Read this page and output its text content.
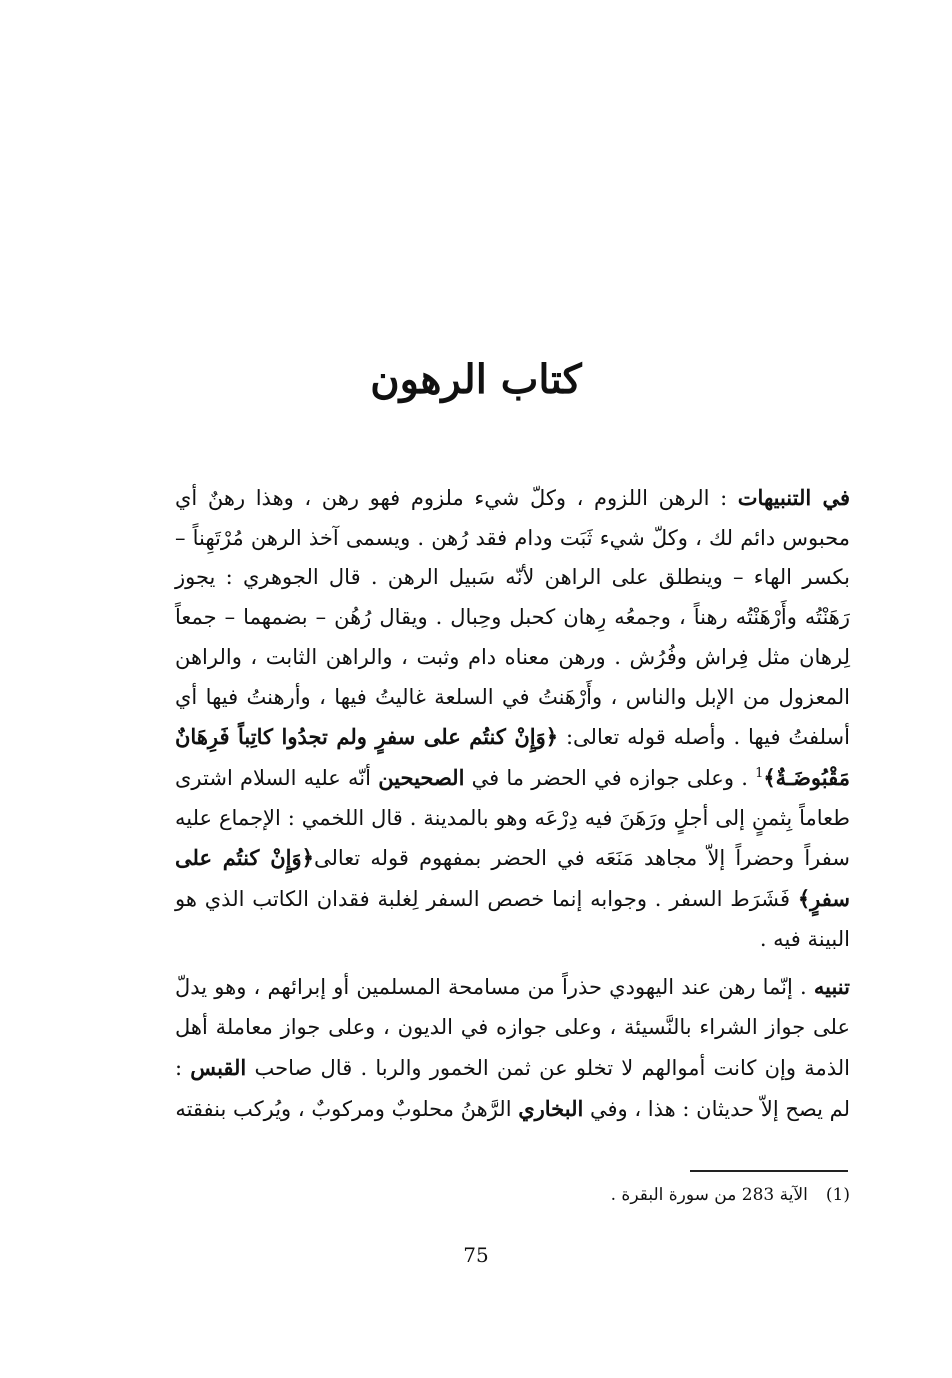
كتاب الرهون

في التنبيهات : الرهن اللزوم ، وكلّ شيء ملزوم فهو رهن ، وهذا رهنٌ أي محبوس دائم لك ، وكلّ شيء ثَبَت ودام فقد رُهن . ويسمى آخذ الرهن مُرْتَهِناً –بكسر الهاء – وينطلق على الراهن لأنّه سَبيل الرهن . قال الجوهري : يجوز رَهَنْتُه وأَرْهَنْتُه رهناً ، وجمعُه رِهان كحبل وحِبال . ويقال رُهُن – بضمهما – جمعاً لِرهان مثل فِراش وفُرُش . ورهن معناه دام وثبت ، والراهن الثابت ، والراهن المعزول من الإبل والناس ، وأَرْهَنتُ في السلعة غاليتُ فيها ، وأرهنتُ فيها أي أسلفتُ فيها . وأصله قوله تعالى: ﴿وَإِنْ كنتُم على سفرٍ ولم تجدُوا كاتِباً فَرِهَانٌ مَقْبُوضَـةٌ﴾$^1$ . وعلى جوازه في الحضر ما في الصحيحين أنّه عليه السلام اشترى طعاماً بِثمنٍ إلى أجلٍ ورَهَنَ فيه دِرْعَه وهو بالمدينة . قال اللخمي : الإجماع عليه سفراً وحضراً إلاّ مجاهد مَنَعَه في الحضر بمفهوم قوله تعالى﴿وَإِنْ كنتُم على سفرٍ﴾ فَشَرَط السفر . وجوابه إنما خصص السفر لِغلبة فقدان الكاتب الذي هو البينة فيه .

تنبيه . إنّما رهن عند اليهودي حذراً من مسامحة المسلمين أو إبرائهم ، وهو يدلّ على جواز الشراء بالنَّسيئة ، وعلى جوازه في الديون ، وعلى جواز معاملة أهل الذمة وإن كانت أموالهم لا تخلو عن ثمن الخمور والربا . قال صاحب القبس : لم يصح إلاّ حديثان : هذا ، وفي البخاري الرَّهنُ محلوبٌ ومركوبٌ ، ويُركب بنفقته

(1)الآية 283 من سورة البقرة .
75
